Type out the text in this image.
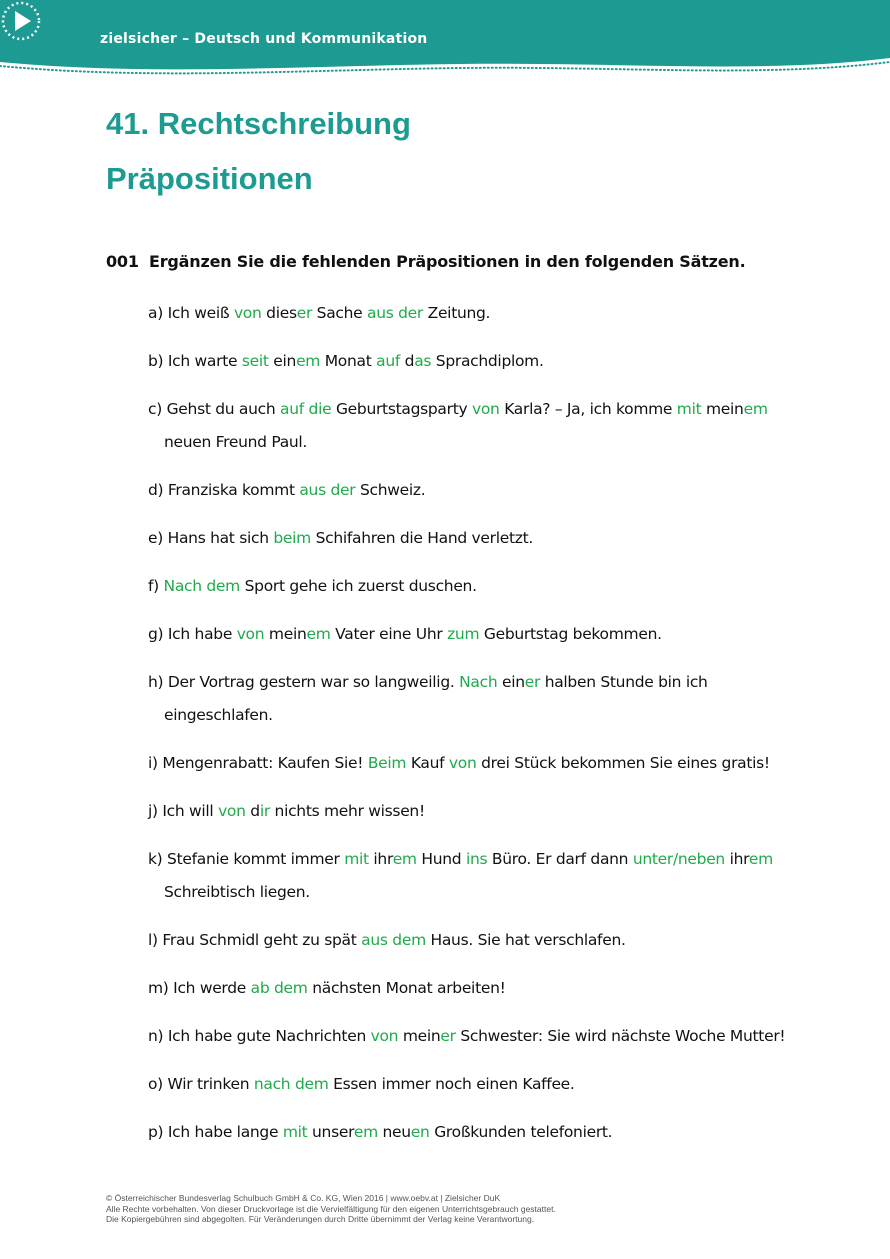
zielsicher – Deutsch und Kommunikation
41. Rechtschreibung
Präpositionen
001 Ergänzen Sie die fehlenden Präpositionen in den folgenden Sätzen.
a) Ich weiß von dieser Sache aus der Zeitung.
b) Ich warte seit einem Monat auf das Sprachdiplom.
c) Gehst du auch auf die Geburtstagsparty von Karla? – Ja, ich komme mit meinem
neuen Freund Paul.
d) Franziska kommt aus der Schweiz.
e) Hans hat sich beim Schifahren die Hand verletzt.
f) Nach dem Sport gehe ich zuerst duschen.
g) Ich habe von meinem Vater eine Uhr zum Geburtstag bekommen.
h) Der Vortrag gestern war so langweilig. Nach einer halben Stunde bin ich
eingeschlafen.
i) Mengenrabatt: Kaufen Sie! Beim Kauf von drei Stück bekommen Sie eines gratis!
j) Ich will von dir nichts mehr wissen!
k) Stefanie kommt immer mit ihrem Hund ins Büro. Er darf dann unter/neben ihrem
Schreibtisch liegen.
l) Frau Schmidl geht zu spät aus dem Haus. Sie hat verschlafen.
m) Ich werde ab dem nächsten Monat arbeiten!
n) Ich habe gute Nachrichten von meiner Schwester: Sie wird nächste Woche Mutter!
o) Wir trinken nach dem Essen immer noch einen Kaffee.
p) Ich habe lange mit unserem neuen Großkunden telefoniert.
© Österreichischer Bundesverlag Schulbuch GmbH & Co. KG, Wien 2016 | www.oebv.at | Zielsicher DuK
Alle Rechte vorbehalten. Von dieser Druckvorlage ist die Vervielfältigung für den eigenen Unterrichtsgebrauch gestattet.
Die Kopiergebühren sind abgegolten. Für Veränderungen durch Dritte übernimmt der Verlag keine Verantwortung.
